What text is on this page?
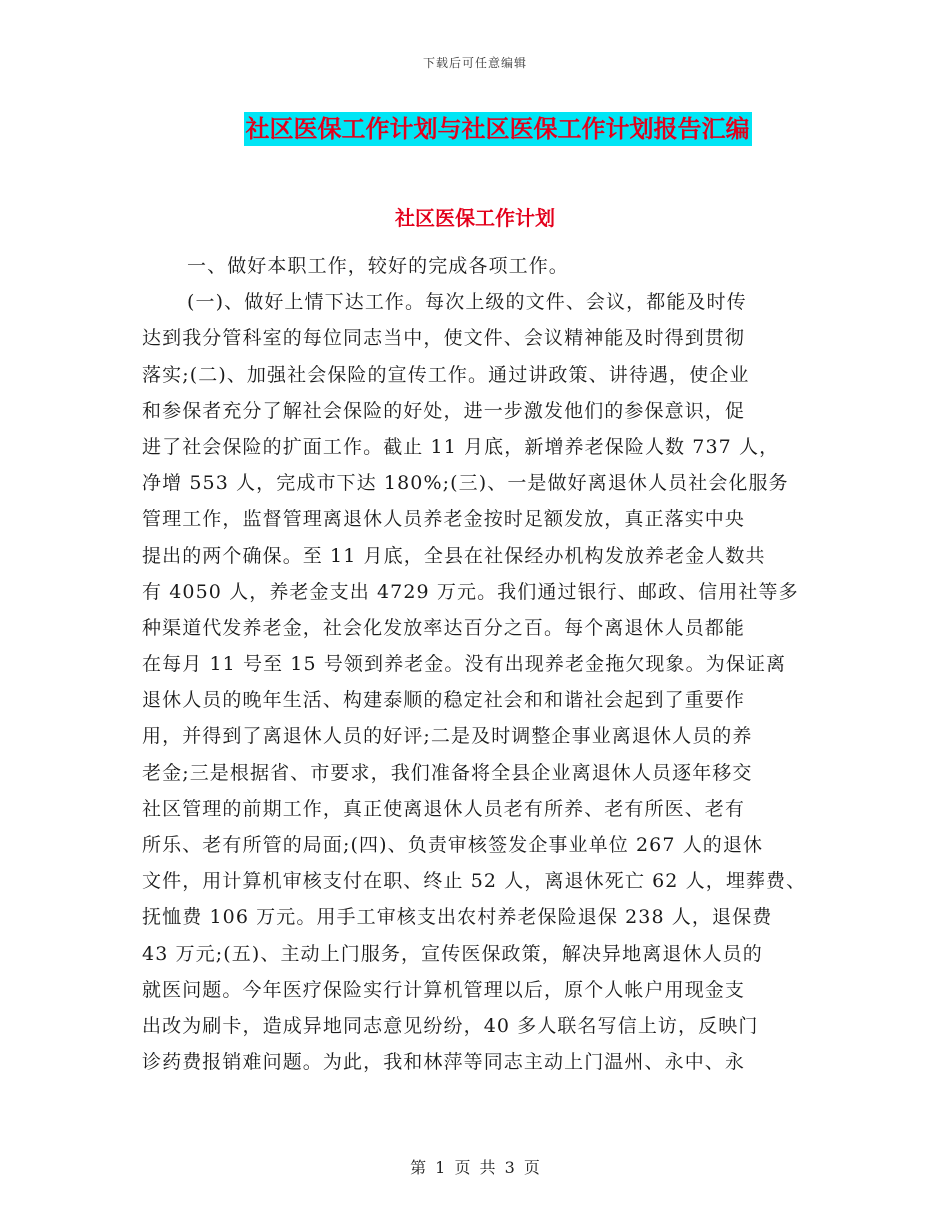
下载后可任意编辑
社区医保工作计划与社区医保工作计划报告汇编
社区医保工作计划
一、做好本职工作，较好的完成各项工作。
(一)、做好上情下达工作。每次上级的文件、会议，都能及时传
达到我分管科室的每位同志当中，使文件、会议精神能及时得到贯彻
落实;(二)、加强社会保险的宣传工作。通过讲政策、讲待遇，使企业
和参保者充分了解社会保险的好处，进一步激发他们的参保意识，促
进了社会保险的扩面工作。截止 11 月底，新增养老保险人数 737 人，
净增 553 人，完成市下达 180%;(三)、一是做好离退休人员社会化服务
管理工作，监督管理离退休人员养老金按时足额发放，真正落实中央
提出的两个确保。至 11 月底，全县在社保经办机构发放养老金人数共
有 4050 人，养老金支出 4729 万元。我们通过银行、邮政、信用社等多
种渠道代发养老金，社会化发放率达百分之百。每个离退休人员都能
在每月 11 号至 15 号领到养老金。没有出现养老金拖欠现象。为保证离
退休人员的晚年生活、构建泰顺的稳定社会和和谐社会起到了重要作
用，并得到了离退休人员的好评;二是及时调整企事业离退休人员的养
老金;三是根据省、市要求，我们准备将全县企业离退休人员逐年移交
社区管理的前期工作，真正使离退休人员老有所养、老有所医、老有
所乐、老有所管的局面;(四)、负责审核签发企事业单位 267 人的退休
文件，用计算机审核支付在职、终止 52 人，离退休死亡 62 人，埋葬费、
抚恤费 106 万元。用手工审核支出农村养老保险退保 238 人，退保费
43 万元;(五)、主动上门服务，宣传医保政策，解决异地离退休人员的
就医问题。今年医疗保险实行计算机管理以后，原个人帐户用现金支
出改为刷卡，造成异地同志意见纷纷，40 多人联名写信上访，反映门
诊药费报销难问题。为此，我和林萍等同志主动上门温州、永中、永
第 1 页 共 3 页
